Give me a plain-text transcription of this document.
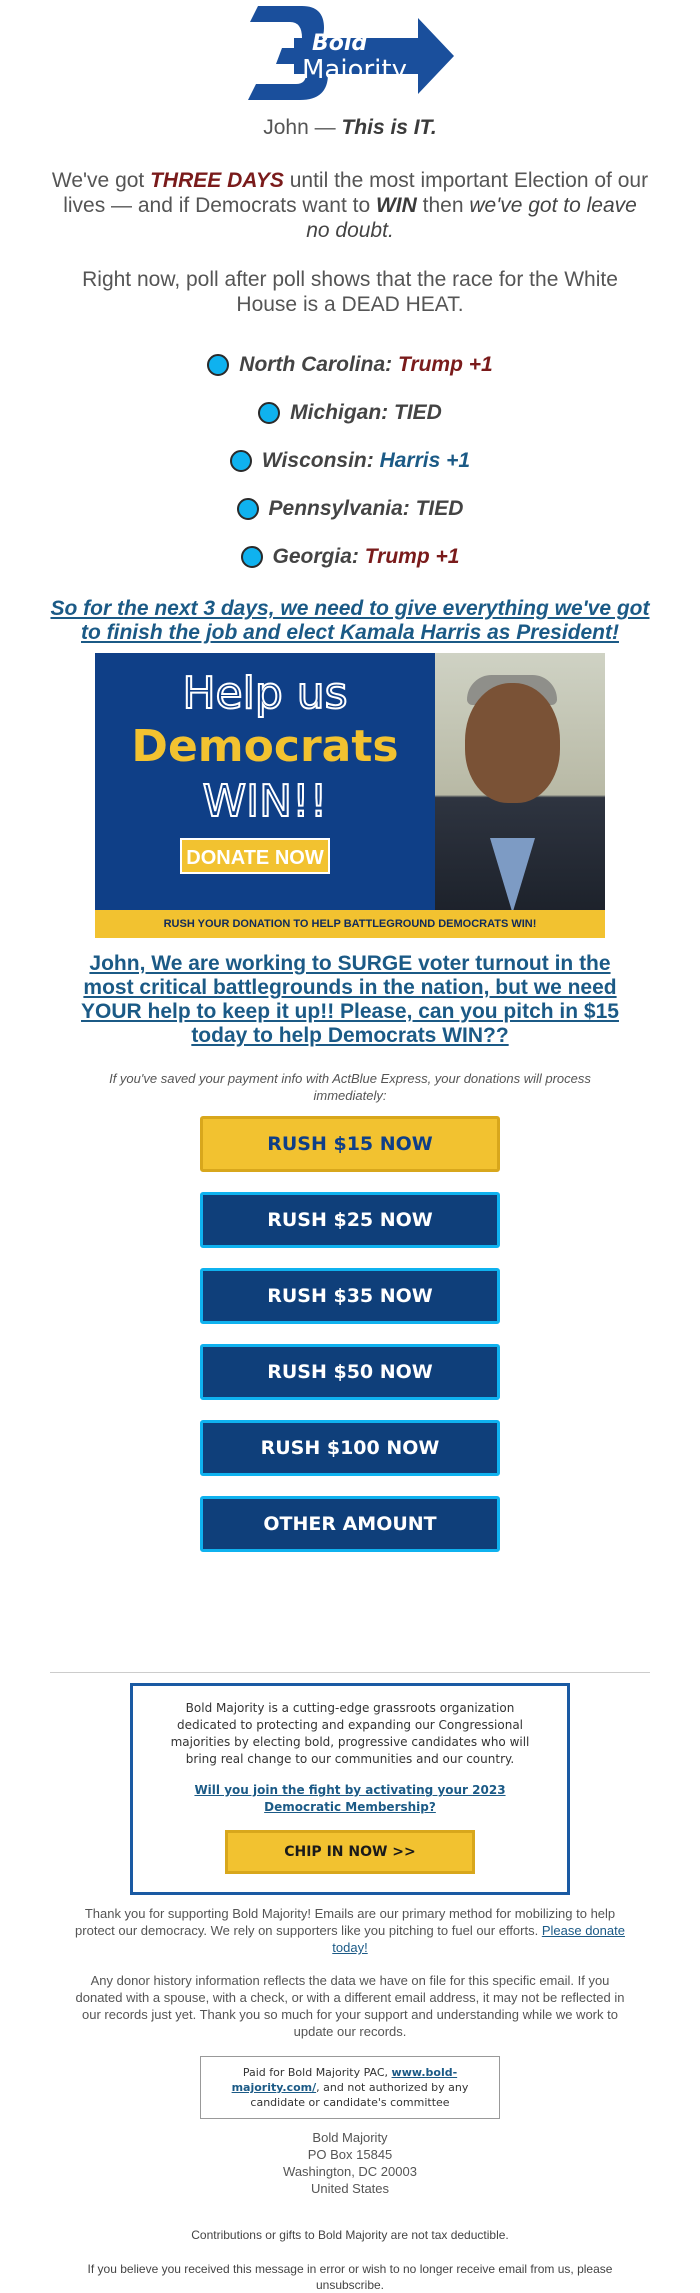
Bold
Majority
John — This is IT.
We've got THREE DAYS until the most important Election of our lives — and if Democrats want to WIN then we've got to leave no doubt.
Right now, poll after poll shows that the race for the White House is a DEAD HEAT.
North Carolina: Trump +1
Michigan: TIED
Wisconsin: Harris +1
Pennsylvania: TIED
Georgia: Trump +1
So for the next 3 days, we need to give everything we've got to finish the job and elect Kamala Harris as President!
Help us
Democrats
WIN!!
DONATE NOW
RUSH YOUR DONATION TO HELP BATTLEGROUND DEMOCRATS WIN!
John, We are working to SURGE voter turnout in the most critical battlegrounds in the nation, but we need YOUR help to keep it up!! Please, can you pitch in $15 today to help Democrats WIN??
If you've saved your payment info with ActBlue Express, your donations will process immediately:
RUSH $15 NOW
RUSH $25 NOW
RUSH $35 NOW
RUSH $50 NOW
RUSH $100 NOW
OTHER AMOUNT
Bold Majority is a cutting-edge grassroots organization dedicated to protecting and expanding our Congressional majorities by electing bold, progressive candidates who will bring real change to our communities and our country.
Will you join the fight by activating your 2023 Democratic Membership?
CHIP IN NOW >>
Thank you for supporting Bold Majority! Emails are our primary method for mobilizing to help protect our democracy. We rely on supporters like you pitching to fuel our efforts. Please donate today!
Any donor history information reflects the data we have on file for this specific email. If you donated with a spouse, with a check, or with a different email address, it may not be reflected in our records just yet. Thank you so much for your support and understanding while we work to update our records.
Paid for Bold Majority PAC, www.bold-majority.com/, and not authorized by any candidate or candidate's committee
Bold Majority
PO Box 15845
Washington, DC 20003
United States
Contributions or gifts to Bold Majority are not tax deductible.
If you believe you received this message in error or wish to no longer receive email from us, please unsubscribe.
